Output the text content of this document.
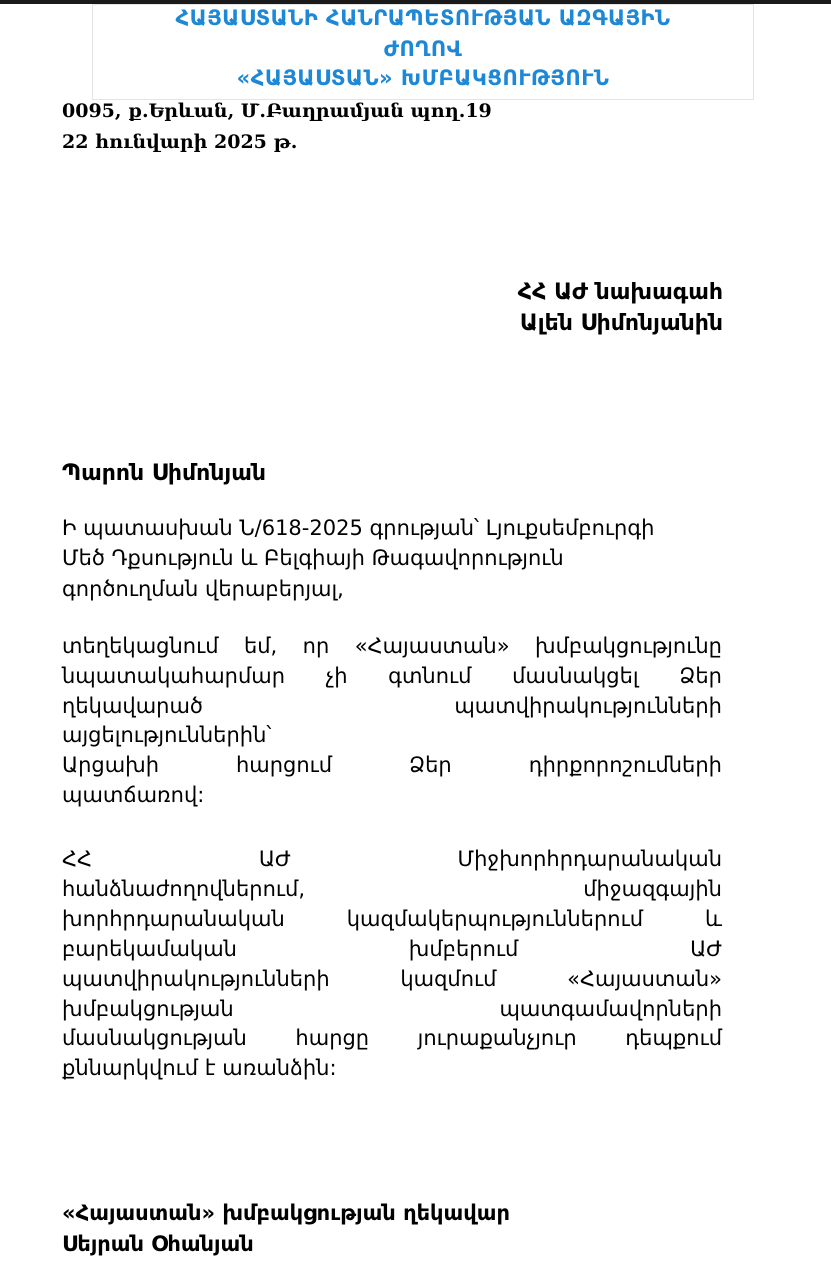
ՀԱՅԱՍՏԱՆԻ ՀԱՆՐԱՊԵՏՈՒԹՅԱՆ ԱԶԳԱՅԻՆ
ԺՈՂՈՎ
«ՀԱՅԱՍՏԱՆ» ԽՄԲԱԿՑՈՒԹՅՈՒՆ
0095, ք.Երևան, Մ.Բաղրամյան պող.19
22 հունվարի 2025 թ.
ՀՀ ԱԺ նախագահ
Ալեն Սիմոնյանին
Պարոն Սիմոնյան
Ի պատասխան Ն/618-2025 գրության՝ Լյուքսեմբուրգի
Մեծ Դքսություն և Բելգիայի Թագավորություն
գործուղման վերաբերյալ,
տեղեկացնում եմ, որ «Հայաստան» խմբակցությունը
նպատակահարմար չի գտնում մասնակցել Ձեր
ղեկավարած	պատվիրակությունների
այցելություններին՝
Արցախի	հարցում	Ձեր	դիրքորոշումների
պատճառով:
ՀՀ	ԱԺ	Միջխորհրդարանական
հանձնաժողովներում,	միջազգային
խորհրդարանական	կազմակերպություններում	և
բարեկամական	խմբերում	ԱԺ
պատվիրակությունների	կազմում	«Հայաստան»
խմբակցության	պատգամավորների
մասնակցության հարցը յուրաքանչյուր դեպքում
քննարկվում է առանձին:
«Հայաստան» խմբակցության ղեկավար
Սեյրան Օհանյան
